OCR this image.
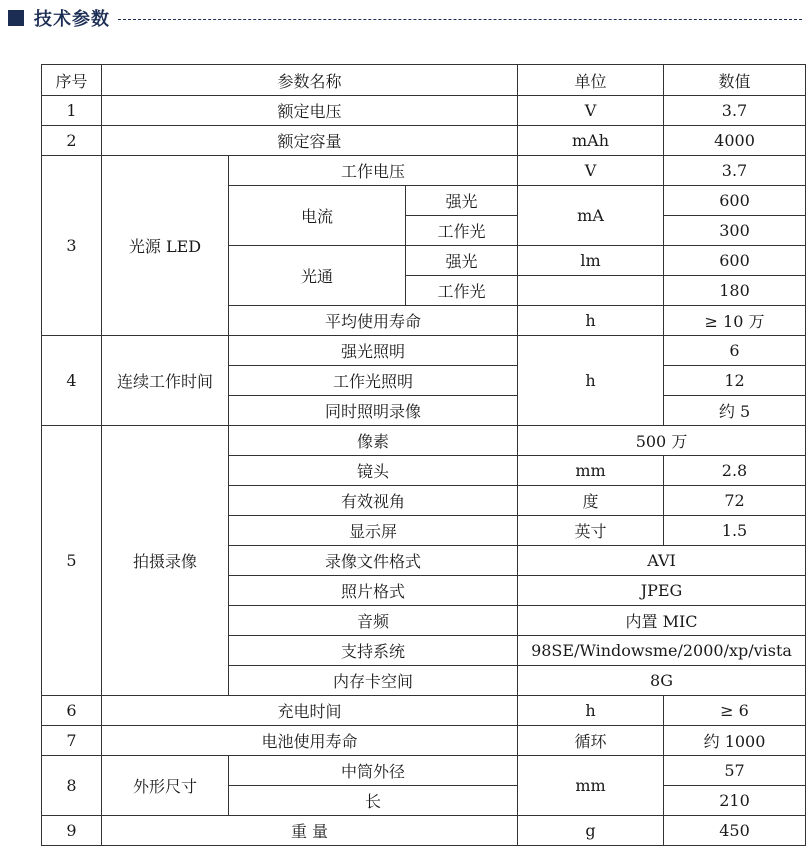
技术参数
序号	参数名称			单位	数值
1	额定电压			V	3.7
2	额定容量			mAh	4000
3	光源 LED	工作电压		V	3.7
		电流	强光	mA	600
			工作光		300
		光通	强光	lm	600
			工作光		180
		平均使用寿命		h	≥ 10 万
4	连续工作时间	强光照明		h	6
		工作光照明			12
		同时照明录像			约 5
5	拍摄录像	像素		500 万	
		镜头		mm	2.8
		有效视角		度	72
		显示屏		英寸	1.5
		录像文件格式		AVI	
		照片格式		JPEG	
		音频		内置 MIC	
		支持系统		98SE/Windowsme/2000/xp/vista	
		内存卡空间		8G	
6	充电时间			h	≥ 6
7	电池使用寿命			循环	约 1000
8	外形尺寸	中筒外径		mm	57
		长			210
9	重 量			g	450
